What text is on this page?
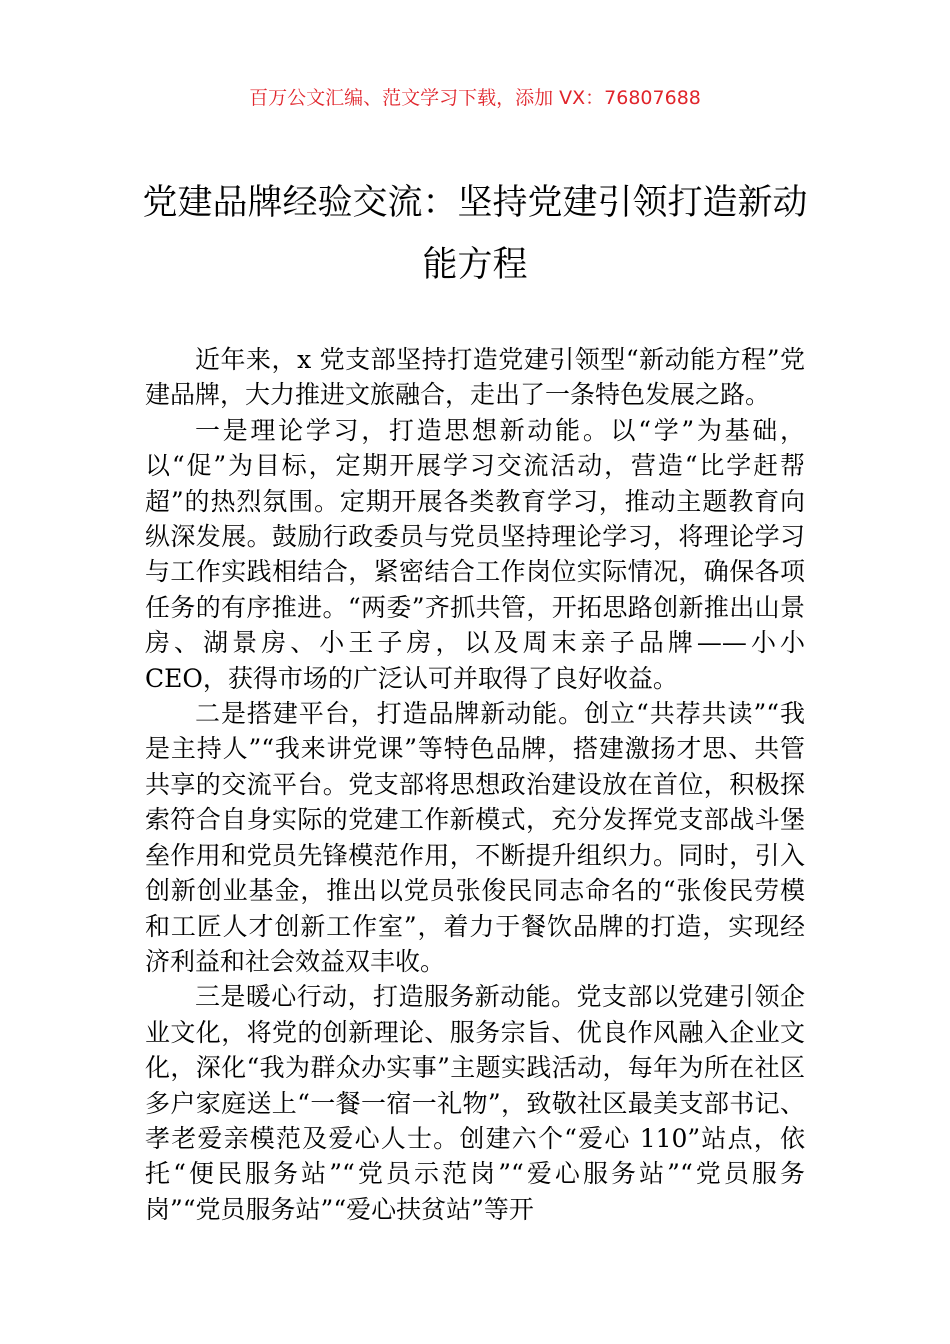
百万公文汇编、范文学习下载，添加 VX：76807688
党建品牌经验交流：坚持党建引领打造新动能方程

近年来，x 党支部坚持打造党建引领型“新动能方程”党建品牌，大力推进文旅融合，走出了一条特色发展之路。

一是理论学习，打造思想新动能。以“学”为基础，以“促”为目标，定期开展学习交流活动，营造“比学赶帮超”的热烈氛围。定期开展各类教育学习，推动主题教育向纵深发展。鼓励行政委员与党员坚持理论学习，将理论学习与工作实践相结合，紧密结合工作岗位实际情况，确保各项任务的有序推进。“两委”齐抓共管，开拓思路创新推出山景房、湖景房、小王子房，以及周末亲子品牌——小小 CEO，获得市场的广泛认可并取得了良好收益。

二是搭建平台，打造品牌新动能。创立“共荐共读”“我是主持人”“我来讲党课”等特色品牌，搭建激扬才思、共管共享的交流平台。党支部将思想政治建设放在首位，积极探索符合自身实际的党建工作新模式，充分发挥党支部战斗堡垒作用和党员先锋模范作用，不断提升组织力。同时，引入创新创业基金，推出以党员张俊民同志命名的“张俊民劳模和工匠人才创新工作室”，着力于餐饮品牌的打造，实现经济利益和社会效益双丰收。

三是暖心行动，打造服务新动能。党支部以党建引领企业文化，将党的创新理论、服务宗旨、优良作风融入企业文化，深化“我为群众办实事”主题实践活动，每年为所在社区多户家庭送上“一餐一宿一礼物”，致敬社区最美支部书记、孝老爱亲模范及爱心人士。创建六个“爱心 110”站点，依托“便民服务站”“党员示范岗”“爱心服务站”“党员服务岗”“党员服务站”“爱心扶贫站”等开
